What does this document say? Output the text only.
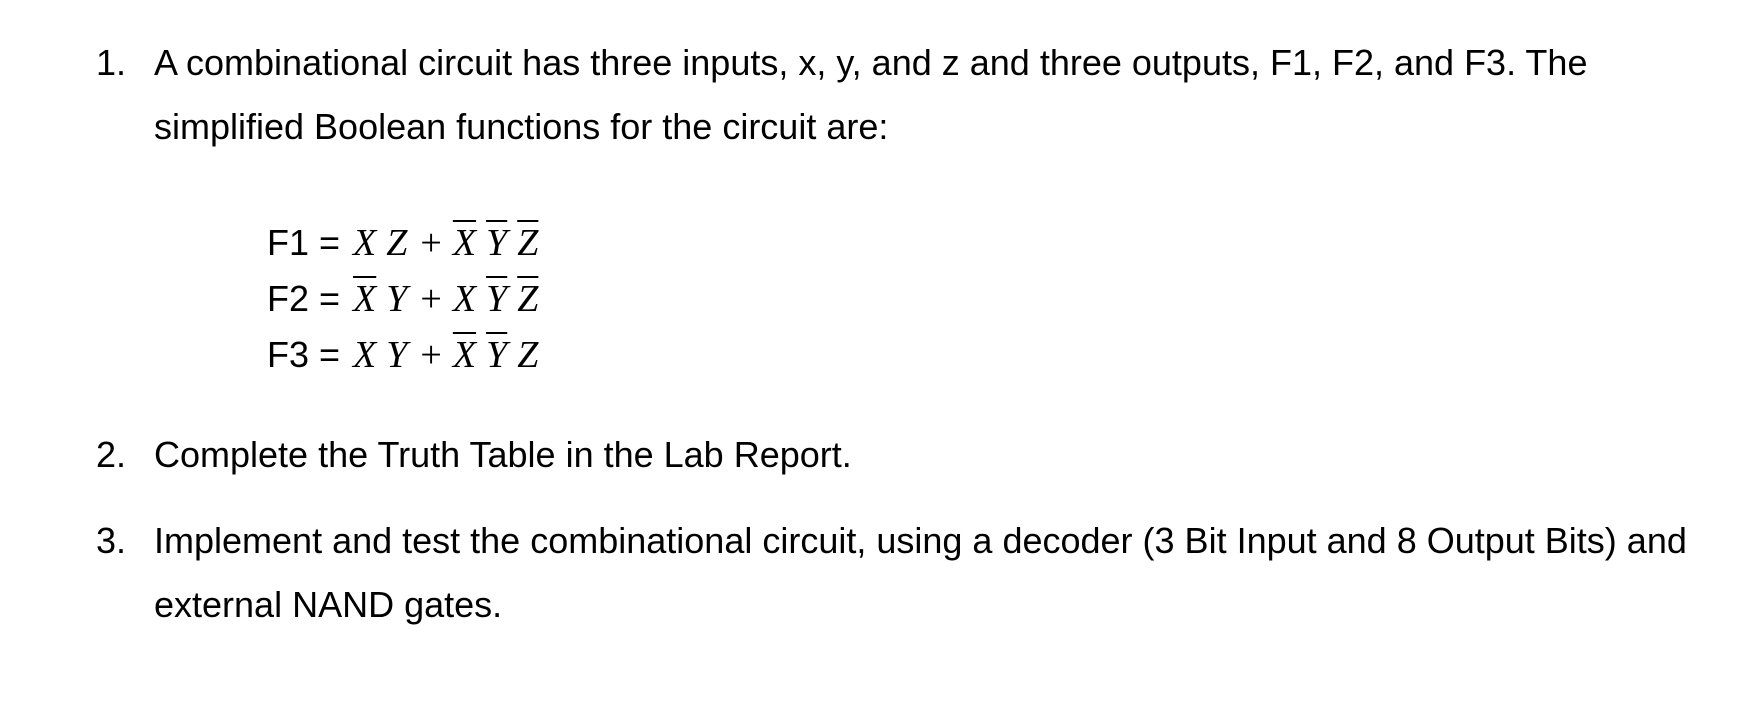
1. A combinational circuit has three inputs, x, y, and z and three outputs, F1, F2, and F3. The simplified Boolean functions for the circuit are:
F1 = X $Z + \overline{X}$ $\overline{Y}$ $\overline{Z}$
$F2 = \overline{X}$ Y + X $\overline{Y}$ $\overline{Z}$
F3 = X $Y + \overline{X}$ $\overline{Y}$ Z
2. Complete the Truth Table in the Lab Report.
3. Implement and test the combinational circuit, using a decoder (3 Bit Input and 8 Output Bits) and external NAND gates.
